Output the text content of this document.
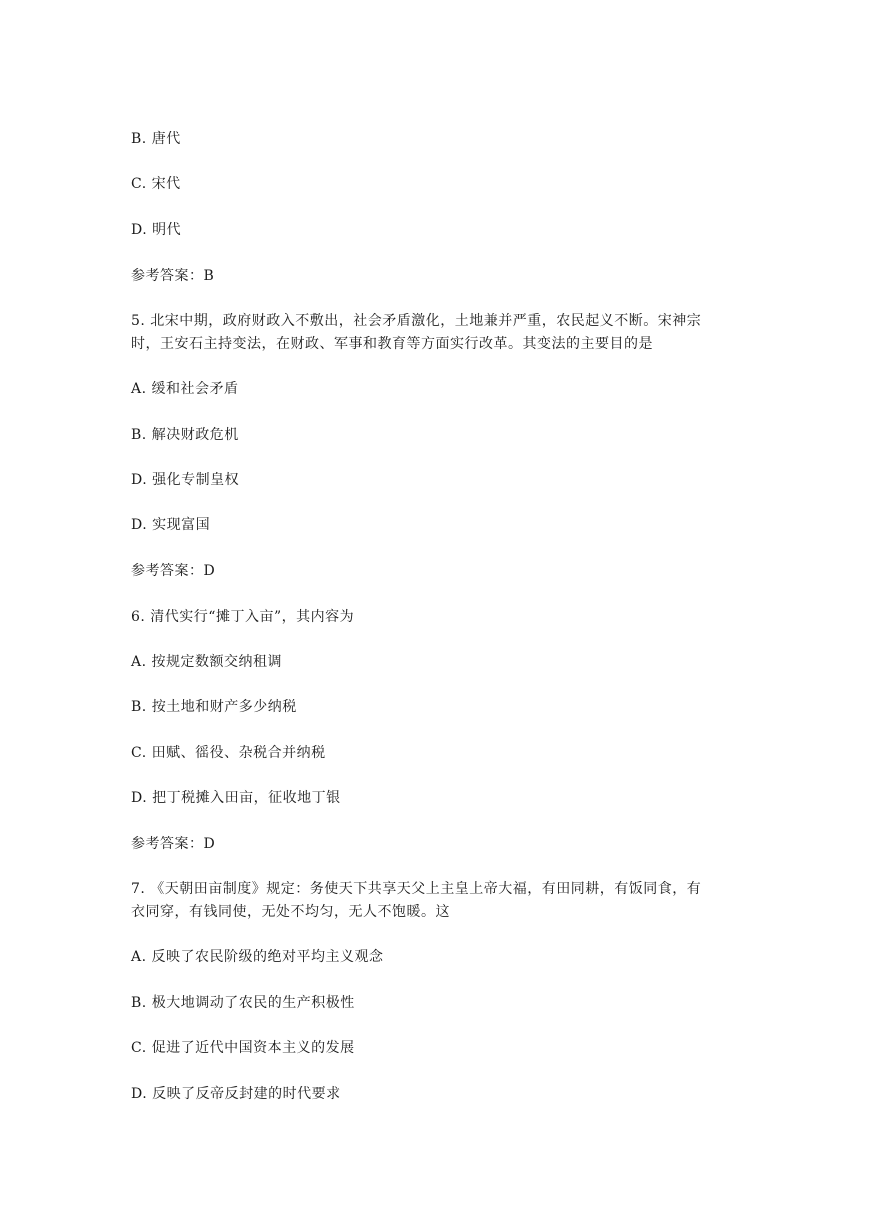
B. 唐代
C. 宋代
D. 明代
参考答案：B
5. 北宋中期，政府财政入不敷出，社会矛盾激化，土地兼并严重，农民起义不断。宋神宗
时，王安石主持变法，在财政、军事和教育等方面实行改革。其变法的主要目的是
A. 缓和社会矛盾
B. 解决财政危机
D. 强化专制皇权
D. 实现富国
参考答案：D
6. 清代实行“摊丁入亩”，其内容为
A. 按规定数额交纳租调
B. 按土地和财产多少纳税
C. 田赋、徭役、杂税合并纳税
D. 把丁税摊入田亩，征收地丁银
参考答案：D
7. 《天朝田亩制度》规定：务使天下共享天父上主皇上帝大福，有田同耕，有饭同食，有
衣同穿，有钱同使，无处不均匀，无人不饱暖。这
A. 反映了农民阶级的绝对平均主义观念
B. 极大地调动了农民的生产积极性
C. 促进了近代中国资本主义的发展
D. 反映了反帝反封建的时代要求
